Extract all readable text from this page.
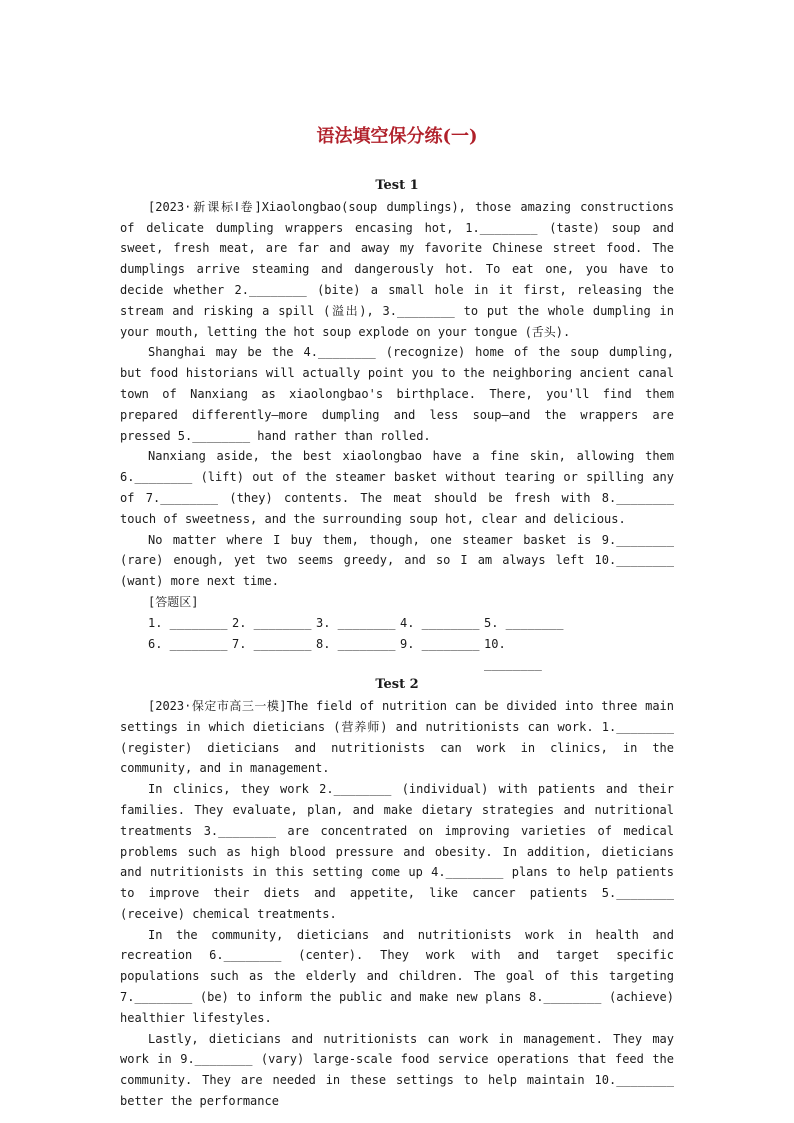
语法填空保分练(一)
Test 1

[2023·新课标Ⅰ卷]Xiaolongbao(soup dumplings), those amazing constructions of delicate dumpling wrappers encasing hot, 1.________ (taste) soup and sweet, fresh meat, are far and away my favorite Chinese street food. The dumplings arrive steaming and dangerously hot. To eat one, you have to decide whether 2.________ (bite) a small hole in it first, releasing the stream and risking a spill (溢出), 3.________ to put the whole dumpling in your mouth, letting the hot soup explode on your tongue (舌头).

Shanghai may be the 4.________ (recognize) home of the soup dumpling, but food historians will actually point you to the neighboring ancient canal town of Nanxiang as xiaolongbao's birthplace. There, you'll find them prepared differently—more dumpling and less soup—and the wrappers are pressed 5.________ hand rather than rolled.

Nanxiang aside, the best xiaolongbao have a fine skin, allowing them 6.________ (lift) out of the steamer basket without tearing or spilling any of 7.________ (they) contents. The meat should be fresh with 8.________ touch of sweetness, and the surrounding soup hot, clear and delicious.

No matter where I buy them, though, one steamer basket is 9.________ (rare) enough, yet two seems greedy, and so I am always left 10.________ (want) more next time.

[答题区]
1. ________ 2. ________ 3. ________ 4. ________ 5. ________
6. ________ 7. ________ 8. ________ 9. ________ 10. ________
Test 2

[2023·保定市高三一模]The field of nutrition can be divided into three main settings in which dieticians (营养师) and nutritionists can work. 1.________ (register) dieticians and nutritionists can work in clinics, in the community, and in management.

In clinics, they work 2.________ (individual) with patients and their families. They evaluate, plan, and make dietary strategies and nutritional treatments 3.________ are concentrated on improving varieties of medical problems such as high blood pressure and obesity. In addition, dieticians and nutritionists in this setting come up 4.________ plans to help patients to improve their diets and appetite, like cancer patients 5.________ (receive) chemical treatments.

In the community, dieticians and nutritionists work in health and recreation 6.________ (center). They work with and target specific populations such as the elderly and children. The goal of this targeting 7.________ (be) to inform the public and make new plans 8.________ (achieve) healthier lifestyles.

Lastly, dieticians and nutritionists can work in management. They may work in 9.________ (vary) large-scale food service operations that feed the community. They are needed in these settings to help maintain 10.________ better the performance
